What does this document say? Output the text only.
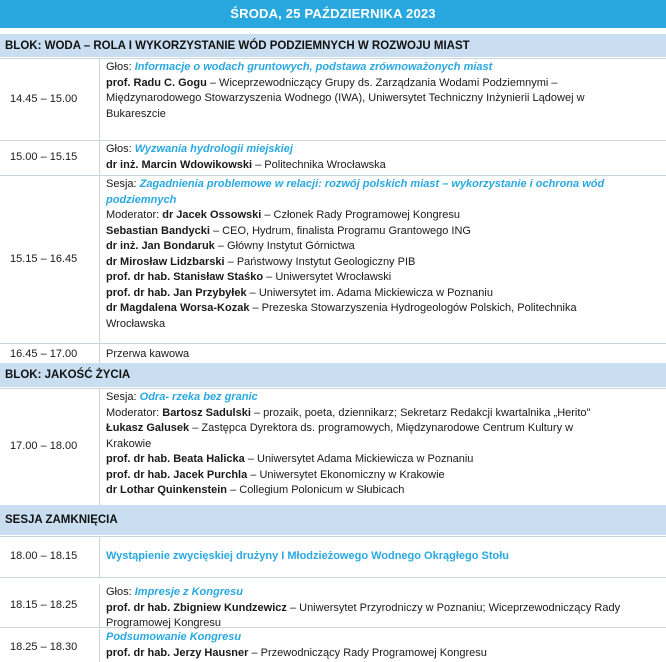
ŚRODA, 25 PAŹDZIERNIKA 2023
BLOK: WODA – ROLA I WYKORZYSTANIE WÓD PODZIEMNYCH W ROZWOJU MIAST
14.45 – 15.00
Głos: Informacje o wodach gruntowych, podstawa zrównoważonych miast
prof. Radu C. Gogu – Wiceprzewodniczący Grupy ds. Zarządzania Wodami Podziemnymi –
Międzynarodowego Stowarzyszenia Wodnego (IWA), Uniwersytet Techniczny Inżynierii Lądowej w
Bukareszcie
15.00 – 15.15
Głos: Wyzwania hydrologii miejskiej
dr inż. Marcin Wdowikowski – Politechnika Wrocławska
15.15 – 16.45
Sesja: Zagadnienia problemowe w relacji: rozwój polskich miast – wykorzystanie i ochrona wód
podziemnych
Moderator: dr Jacek Ossowski – Członek Rady Programowej Kongresu
Sebastian Bandycki – CEO, Hydrum, finalista Programu Grantowego ING
dr inż. Jan Bondaruk – Główny Instytut Górnictwa
dr Mirosław Lidzbarski – Państwowy Instytut Geologiczny PIB
prof. dr hab. Stanisław Staśko – Uniwersytet Wrocławski
prof. dr hab. Jan Przybyłek – Uniwersytet im. Adama Mickiewicza w Poznaniu
dr Magdalena Worsa-Kozak – Prezeska Stowarzyszenia Hydrogeologów Polskich, Politechnika
Wrocławska
16.45 – 17.00	Przerwa kawowa
BLOK: JAKOŚĆ ŻYCIA
17.00 – 18.00
Sesja: Odra- rzeka bez granic
Moderator: Bartosz Sadulski – prozaik, poeta, dziennikarz; Sekretarz Redakcji kwartalnika „Herito"
Łukasz Galusek – Zastępca Dyrektora ds. programowych, Międzynarodowe Centrum Kultury w
Krakowie
prof. dr hab. Beata Halicka – Uniwersytet Adama Mickiewicza w Poznaniu
prof. dr hab. Jacek Purchla – Uniwersytet Ekonomiczny w Krakowie
dr Lothar Quinkenstein – Collegium Polonicum w Słubicach
SESJA ZAMKNIĘCIA
18.00 – 18.15	Wystąpienie zwycięskiej drużyny I Młodzieżowego Wodnego Okrągłego Stołu
18.15 – 18.25
Głos: Impresje z Kongresu
prof. dr hab. Zbigniew Kundzewicz – Uniwersytet Przyrodniczy w Poznaniu; Wiceprzewodniczący Rady
Programowej Kongresu
18.25 – 18.30
Podsumowanie Kongresu
prof. dr hab. Jerzy Hausner – Przewodniczący Rady Programowej Kongresu
